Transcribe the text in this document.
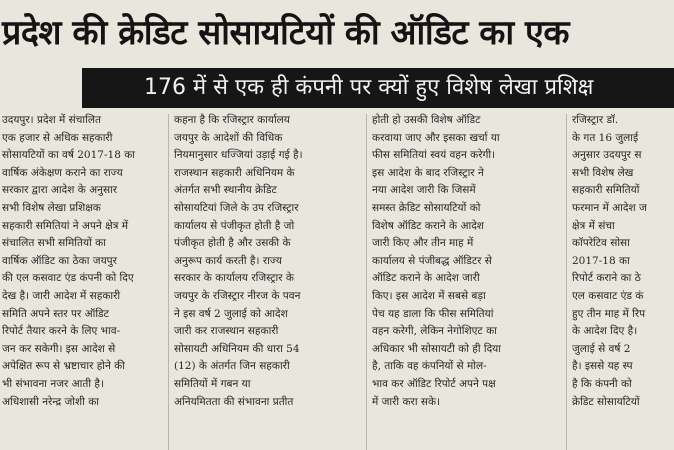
प्रदेश की क्रेडिट सोसायटियों की ऑडिट का एक
176 में से एक ही कंपनी पर क्यों हुए विशेष लेखा प्रशिक्ष

उदयपुर। प्रदेश में संचालित

एक हजार से अधिक सहकारी

सोसायटियों का वर्ष 2017-18 का

वार्षिक अंकेक्षण कराने का राज्य

सरकार द्वारा आदेश के अनुसार

सभी विशेष लेखा प्रशिक्षक

सहकारी समितियां ने अपने क्षेत्र में

संचालित सभी समितियों का

वार्षिक ऑडिट का ठेका जयपुर

की एल कसवाट एंड कंपनी को दिए

देख है। जारी आदेश में सहकारी

समिति अपने स्तर पर ऑडिट

रिपोर्ट तैयार करने के लिए भाव-

जन कर सकेगी। इस आदेश से

अपेक्षित रूप से भ्रष्टाचार होने की

भी संभावना नजर आती है।

अधिशासी नरेन्द्र जोशी का

कहना है कि रजिस्ट्रार कार्यालय

जयपुर के आदेशों की विधिक

नियमानुसार धज्जियां उड़ाई गई है।

राजस्थान सहकारी अधिनियम के

अंतर्गत सभी स्थानीय क्रेडिट

सोसायटियां जिले के उप रजिस्ट्रार

कार्यालय से पंजीकृत होती है जो

पंजीकृत होती है और उसकी के

अनुरूप कार्य करती है। राज्य

सरकार के कार्यालय रजिस्ट्रार के

जयपुर के रजिस्ट्रार नीरज के पवन

ने इस वर्ष 2 जुलाई को आदेश

जारी कर राजस्थान सहकारी

सोसायटी अधिनियम की धारा 54

(12) के अंतर्गत जिन सहकारी

समितियों में गबन या

अनियमितता की संभावना प्रतीत

होती हो उसकी विशेष ऑडिट

करवाया जाए और इसका खर्चा या

फीस समितियां स्वयं वहन करेगी।

इस आदेश के बाद रजिस्ट्रार ने

नया आदेश जारी कि जिसमें

समस्त क्रेडिट सोसायटियों को

विशेष ऑडिट कराने के आदेश

जारी किए और तीन माह में

कार्यालय से पंजीबद्ध ऑडिटर से

ऑडिट कराने के आदेश जारी

किए। इस आदेश में सबसे बड़ा

पेच यह डाला कि फीस समितियां

वहन करेगी, लेकिन नेगोशिएट का

अधिकार भी सोसायटी को ही दिया

है, ताकि वह कंपनियों से मोल-

भाव कर ऑडिट रिपोर्ट अपने पक्ष

में जारी करा सके।

रजिस्ट्रार डॉ.

के गत 16 जुलाई

अनुसार उदयपुर स

सभी विशेष लेख

सहकारी समितियों

फरमान में आदेश ज

क्षेत्र में संचा

कॉपरेटिव सोसा

2017-18 का

रिपोर्ट कराने का ठे

एल कसवाट एंड कं

हुए तीन माह में रिप

के आदेश दिए है।

जुलाई से वर्ष 2

है। इससे यह स्प

है कि कंपनी को

क्रेडिट सोसायटियों
